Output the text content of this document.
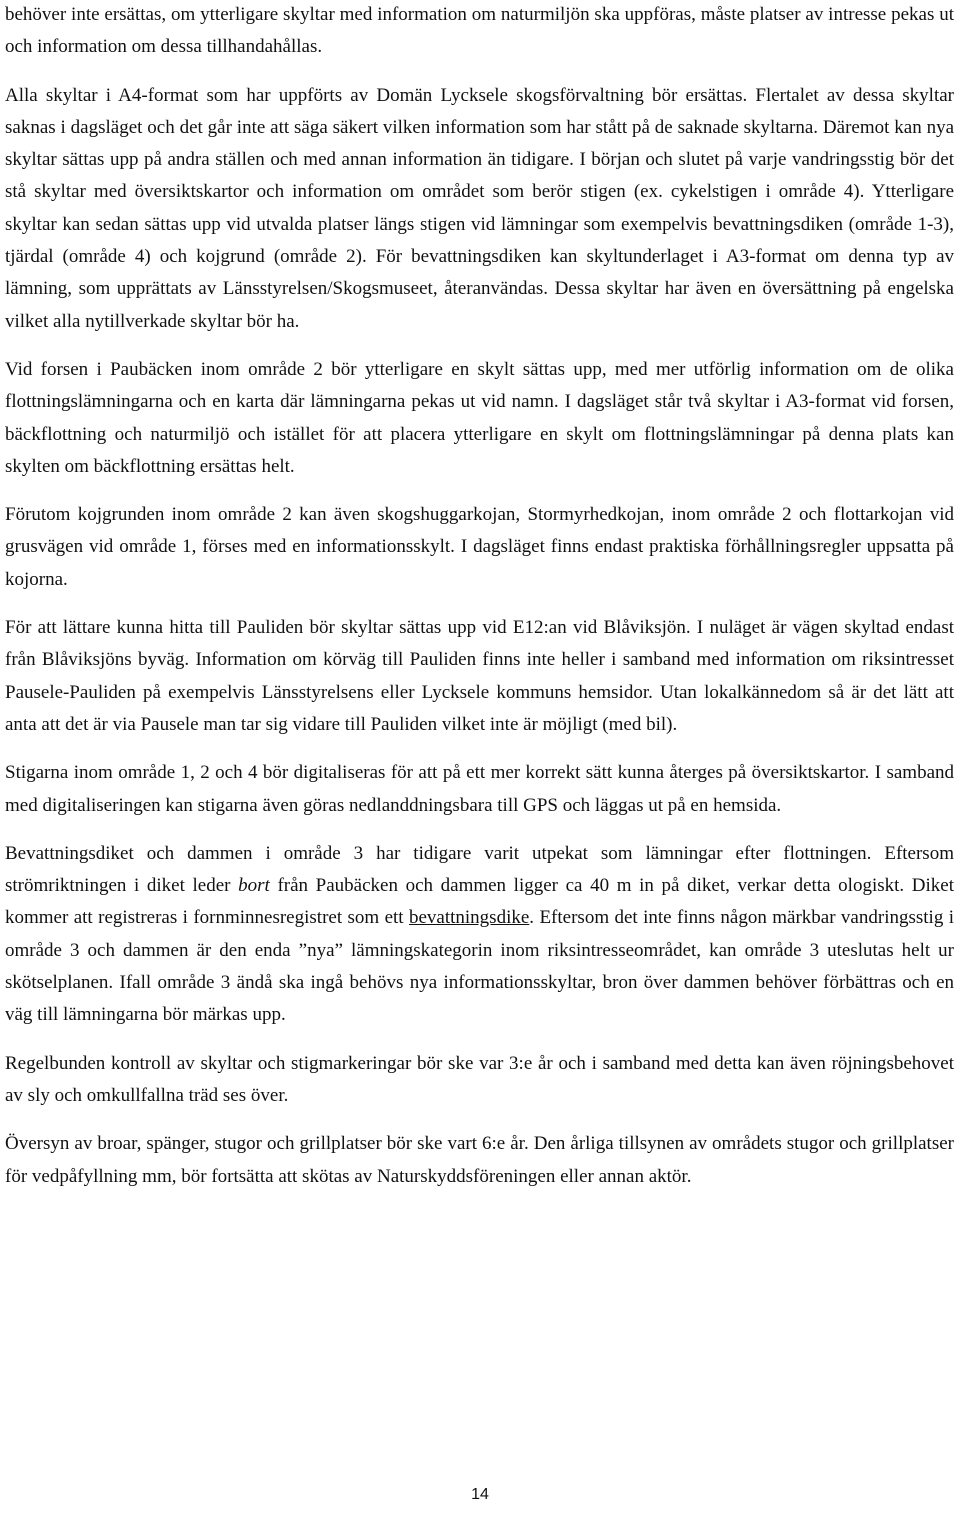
behöver inte ersättas, om ytterligare skyltar med information om naturmiljön ska uppföras, måste platser av intresse pekas ut och information om dessa tillhandahållas.

Alla skyltar i A4-format som har uppförts av Domän Lycksele skogsförvaltning bör ersättas. Flertalet av dessa skyltar saknas i dagsläget och det går inte att säga säkert vilken information som har stått på de saknade skyltarna. Däremot kan nya skyltar sättas upp på andra ställen och med annan information än tidigare. I början och slutet på varje vandringsstig bör det stå skyltar med översiktskartor och information om området som berör stigen (ex. cykelstigen i område 4). Ytterligare skyltar kan sedan sättas upp vid utvalda platser längs stigen vid lämningar som exempelvis bevattningsdiken (område 1-3), tjärdal (område 4) och kojgrund (område 2). För bevattningsdiken kan skyltunderlaget i A3-format om denna typ av lämning, som upprättats av Länsstyrelsen/Skogsmuseet, återanvändas. Dessa skyltar har även en översättning på engelska vilket alla nytillverkade skyltar bör ha.

Vid forsen i Paubäcken inom område 2 bör ytterligare en skylt sättas upp, med mer utförlig information om de olika flottningslämningarna och en karta där lämningarna pekas ut vid namn. I dagsläget står två skyltar i A3-format vid forsen, bäckflottning och naturmiljö och istället för att placera ytterligare en skylt om flottningslämningar på denna plats kan skylten om bäckflottning ersättas helt.

Förutom kojgrunden inom område 2 kan även skogshuggarkojan, Stormyrhedkojan, inom område 2 och flottarkojan vid grusvägen vid område 1, förses med en informationsskylt. I dagsläget finns endast praktiska förhållningsregler uppsatta på kojorna.

För att lättare kunna hitta till Pauliden bör skyltar sättas upp vid E12:an vid Blåviksjön. I nuläget är vägen skyltad endast från Blåviksjöns byväg. Information om körväg till Pauliden finns inte heller i samband med information om riksintresset Pausele-Pauliden på exempelvis Länsstyrelsens eller Lycksele kommuns hemsidor. Utan lokalkännedom så är det lätt att anta att det är via Pausele man tar sig vidare till Pauliden vilket inte är möjligt (med bil).

Stigarna inom område 1, 2 och 4 bör digitaliseras för att på ett mer korrekt sätt kunna återges på översiktskartor. I samband med digitaliseringen kan stigarna även göras nedlanddningsbara till GPS och läggas ut på en hemsida.

Bevattningsdiket och dammen i område 3 har tidigare varit utpekat som lämningar efter flottningen. Eftersom strömriktningen i diket leder bort från Paubäcken och dammen ligger ca 40 m in på diket, verkar detta ologiskt. Diket kommer att registreras i fornminnesregistret som ett bevattningsdike. Eftersom det inte finns någon märkbar vandringsstig i område 3 och dammen är den enda ”nya” lämningskategorin inom riksintresseområdet, kan område 3 uteslutas helt ur skötselplanen. Ifall område 3 ändå ska ingå behövs nya informationsskyltar, bron över dammen behöver förbättras och en väg till lämningarna bör märkas upp.

Regelbunden kontroll av skyltar och stigmarkeringar bör ske var 3:e år och i samband med detta kan även röjningsbehovet av sly och omkullfallna träd ses över.

Översyn av broar, spänger, stugor och grillplatser bör ske vart 6:e år. Den årliga tillsynen av områdets stugor och grillplatser för vedpåfyllning mm, bör fortsätta att skötas av Naturskyddsföreningen eller annan aktör.

14
